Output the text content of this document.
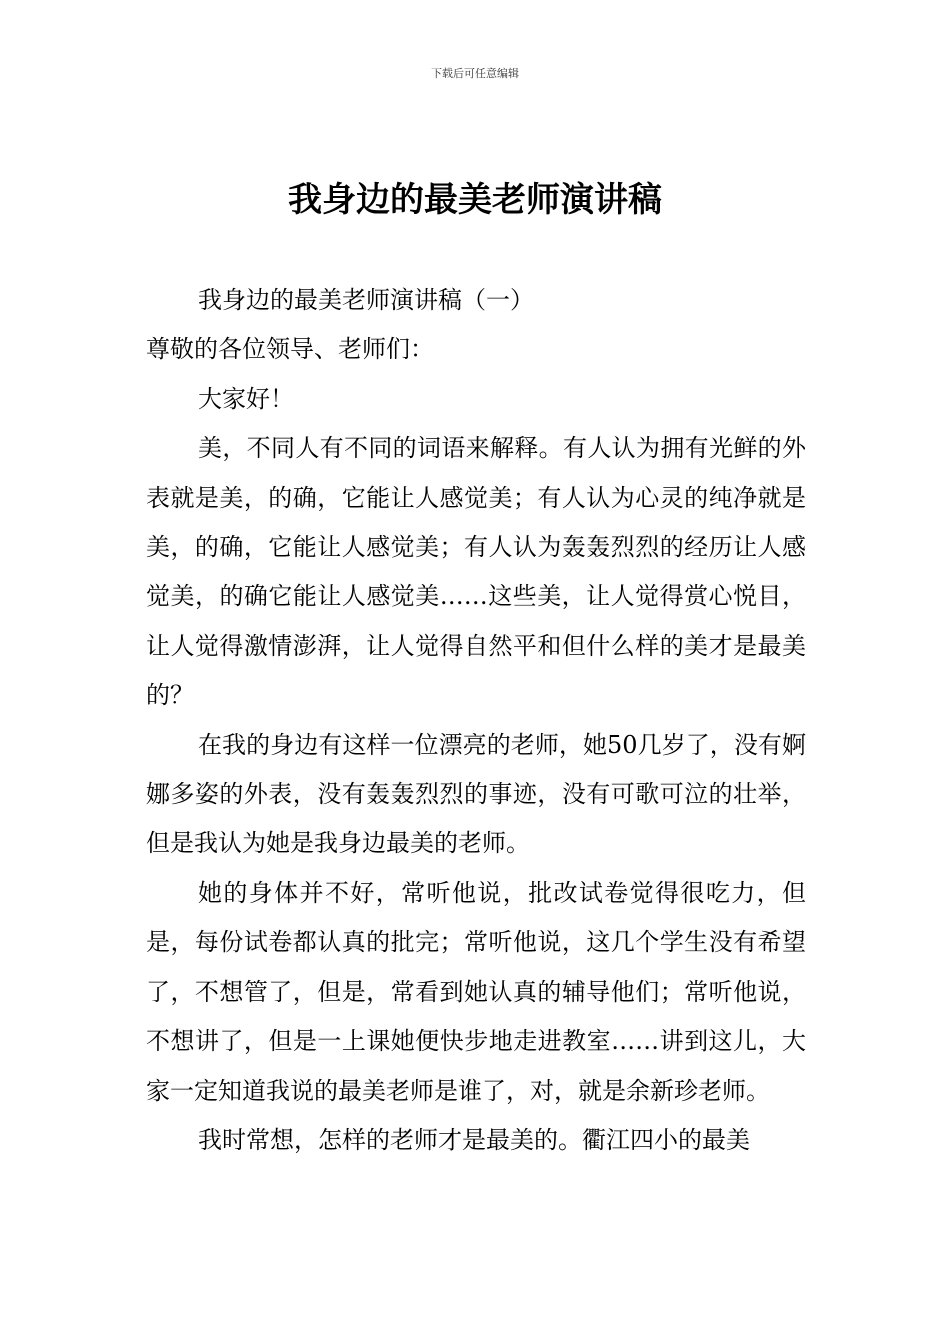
下载后可任意编辑
我身边的最美老师演讲稿

我身边的最美老师演讲稿（一）

尊敬的各位领导、老师们：

大家好！

美，不同人有不同的词语来解释。有人认为拥有光鲜的外表就是美，的确，它能让人感觉美；有人认为心灵的纯净就是美，的确，它能让人感觉美；有人认为轰轰烈烈的经历让人感觉美，的确它能让人感觉美……这些美，让人觉得赏心悦目，让人觉得激情澎湃，让人觉得自然平和但什么样的美才是最美的？

在我的身边有这样一位漂亮的老师，她50几岁了，没有婀娜多姿的外表，没有轰轰烈烈的事迹，没有可歌可泣的壮举，但是我认为她是我身边最美的老师。

她的身体并不好，常听他说，批改试卷觉得很吃力，但是，每份试卷都认真的批完；常听他说，这几个学生没有希望了，不想管了，但是，常看到她认真的辅导他们；常听他说，不想讲了，但是一上课她便快步地走进教室……讲到这儿，大家一定知道我说的最美老师是谁了，对，就是余新珍老师。

我时常想，怎样的老师才是最美的。衢江四小的最美
